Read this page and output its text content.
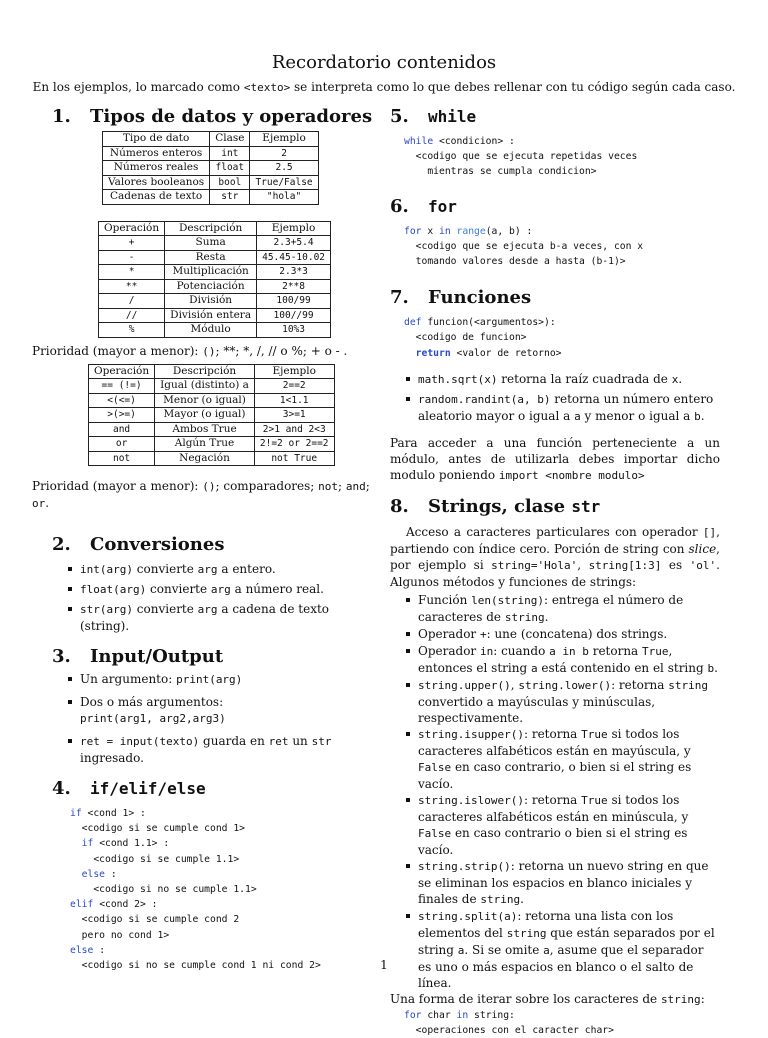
Recordatorio contenidos
En los ejemplos, lo marcado como <texto> se interpreta como lo que debes rellenar con tu código según cada caso.
1.	Tipos de datos y operadores
Tipo de dato	Clase	Ejemplo
Números enteros	int	2
Números reales	float	2.5
Valores booleanos	bool	True/False
Cadenas de texto	str	"hola"
Operación	Descripción	Ejemplo
+	Suma	2.3+5.4
-	Resta	45.45-10.02
*	Multiplicación	2.3*3
**	Potenciación	2**8
/	División	100/99
//	División entera	100//99
%	Módulo	10%3
Prioridad (mayor a menor): (); **; *, /, // o %; + o - .
Operación	Descripción	Ejemplo
== (!=)	Igual (distinto) a	2==2
<(<=)	Menor (o igual)	1<1.1
>(>=)	Mayor (o igual)	3>=1
and	Ambos True	2>1 and 2<3
or	Algún True	2!=2 or 2==2
not	Negación	not True
Prioridad (mayor a menor): (); comparadores; not; and; or.
2.	Conversiones
int(arg) convierte arg a entero.
float(arg) convierte arg a número real.
str(arg) convierte arg a cadena de texto (string).
3.	Input/Output
Un argumento: print(arg)
Dos o más argumentos:
print(arg1, arg2,arg3)
ret = input(texto) guarda en ret un str ingresado.
4.	if/elif/else
if <cond 1> :
<codigo si se cumple cond 1>
if <cond 1.1> :
<codigo si se cumple 1.1>
else :
<codigo si no se cumple 1.1>
elif <cond 2> :
<codigo si se cumple cond 2
pero no cond 1>
else :
<codigo si no se cumple cond 1 ni cond 2>
5.	while
while <condicion> :
<codigo que se ejecuta repetidas veces
mientras se cumpla condicion>
6.	for
for x in range(a, b) :
<codigo que se ejecuta b-a veces, con x
tomando valores desde a hasta (b-1)>
7.	Funciones
def funcion(<argumentos>):
<codigo de funcion>
return <valor de retorno>
math.sqrt(x) retorna la raíz cuadrada de x.
random.randint(a, b) retorna un número entero aleatorio mayor o igual a a y menor o igual a b.
Para acceder a una función perteneciente a un módulo, antes de utilizarla debes importar dicho modulo poniendo import <nombre modulo>
8.	Strings, clase
str
Acceso a caracteres particulares con operador [], partiendo con índice cero. Porción de string con slice, por ejemplo si string='Hola', string[1:3] es 'ol'. Algunos métodos y funciones de strings:
Función len(string): entrega el número de caracteres de string.
Operador +: une (concatena) dos strings.
Operador in: cuando a in b retorna True, entonces el string a está contenido en el string b.
string.upper(), string.lower(): retorna string convertido a mayúsculas y minúsculas, respectivamente.
string.isupper(): retorna True si todos los caracteres alfabéticos están en mayúscula, y False en caso contrario, o bien si el string es vacío.
string.islower(): retorna True si todos los caracteres alfabéticos están en minúscula, y False en caso contrario o bien si el string es vacío.
string.strip(): retorna un nuevo string en que se eliminan los espacios en blanco iniciales y finales de string.
string.split(a): retorna una lista con los elementos del string que están separados por el string a. Si se omite a, asume que el separador es uno o más espacios en blanco o el salto de línea.
Una forma de iterar sobre los caracteres de string:
for char in string:
<operaciones con el caracter char>
1
